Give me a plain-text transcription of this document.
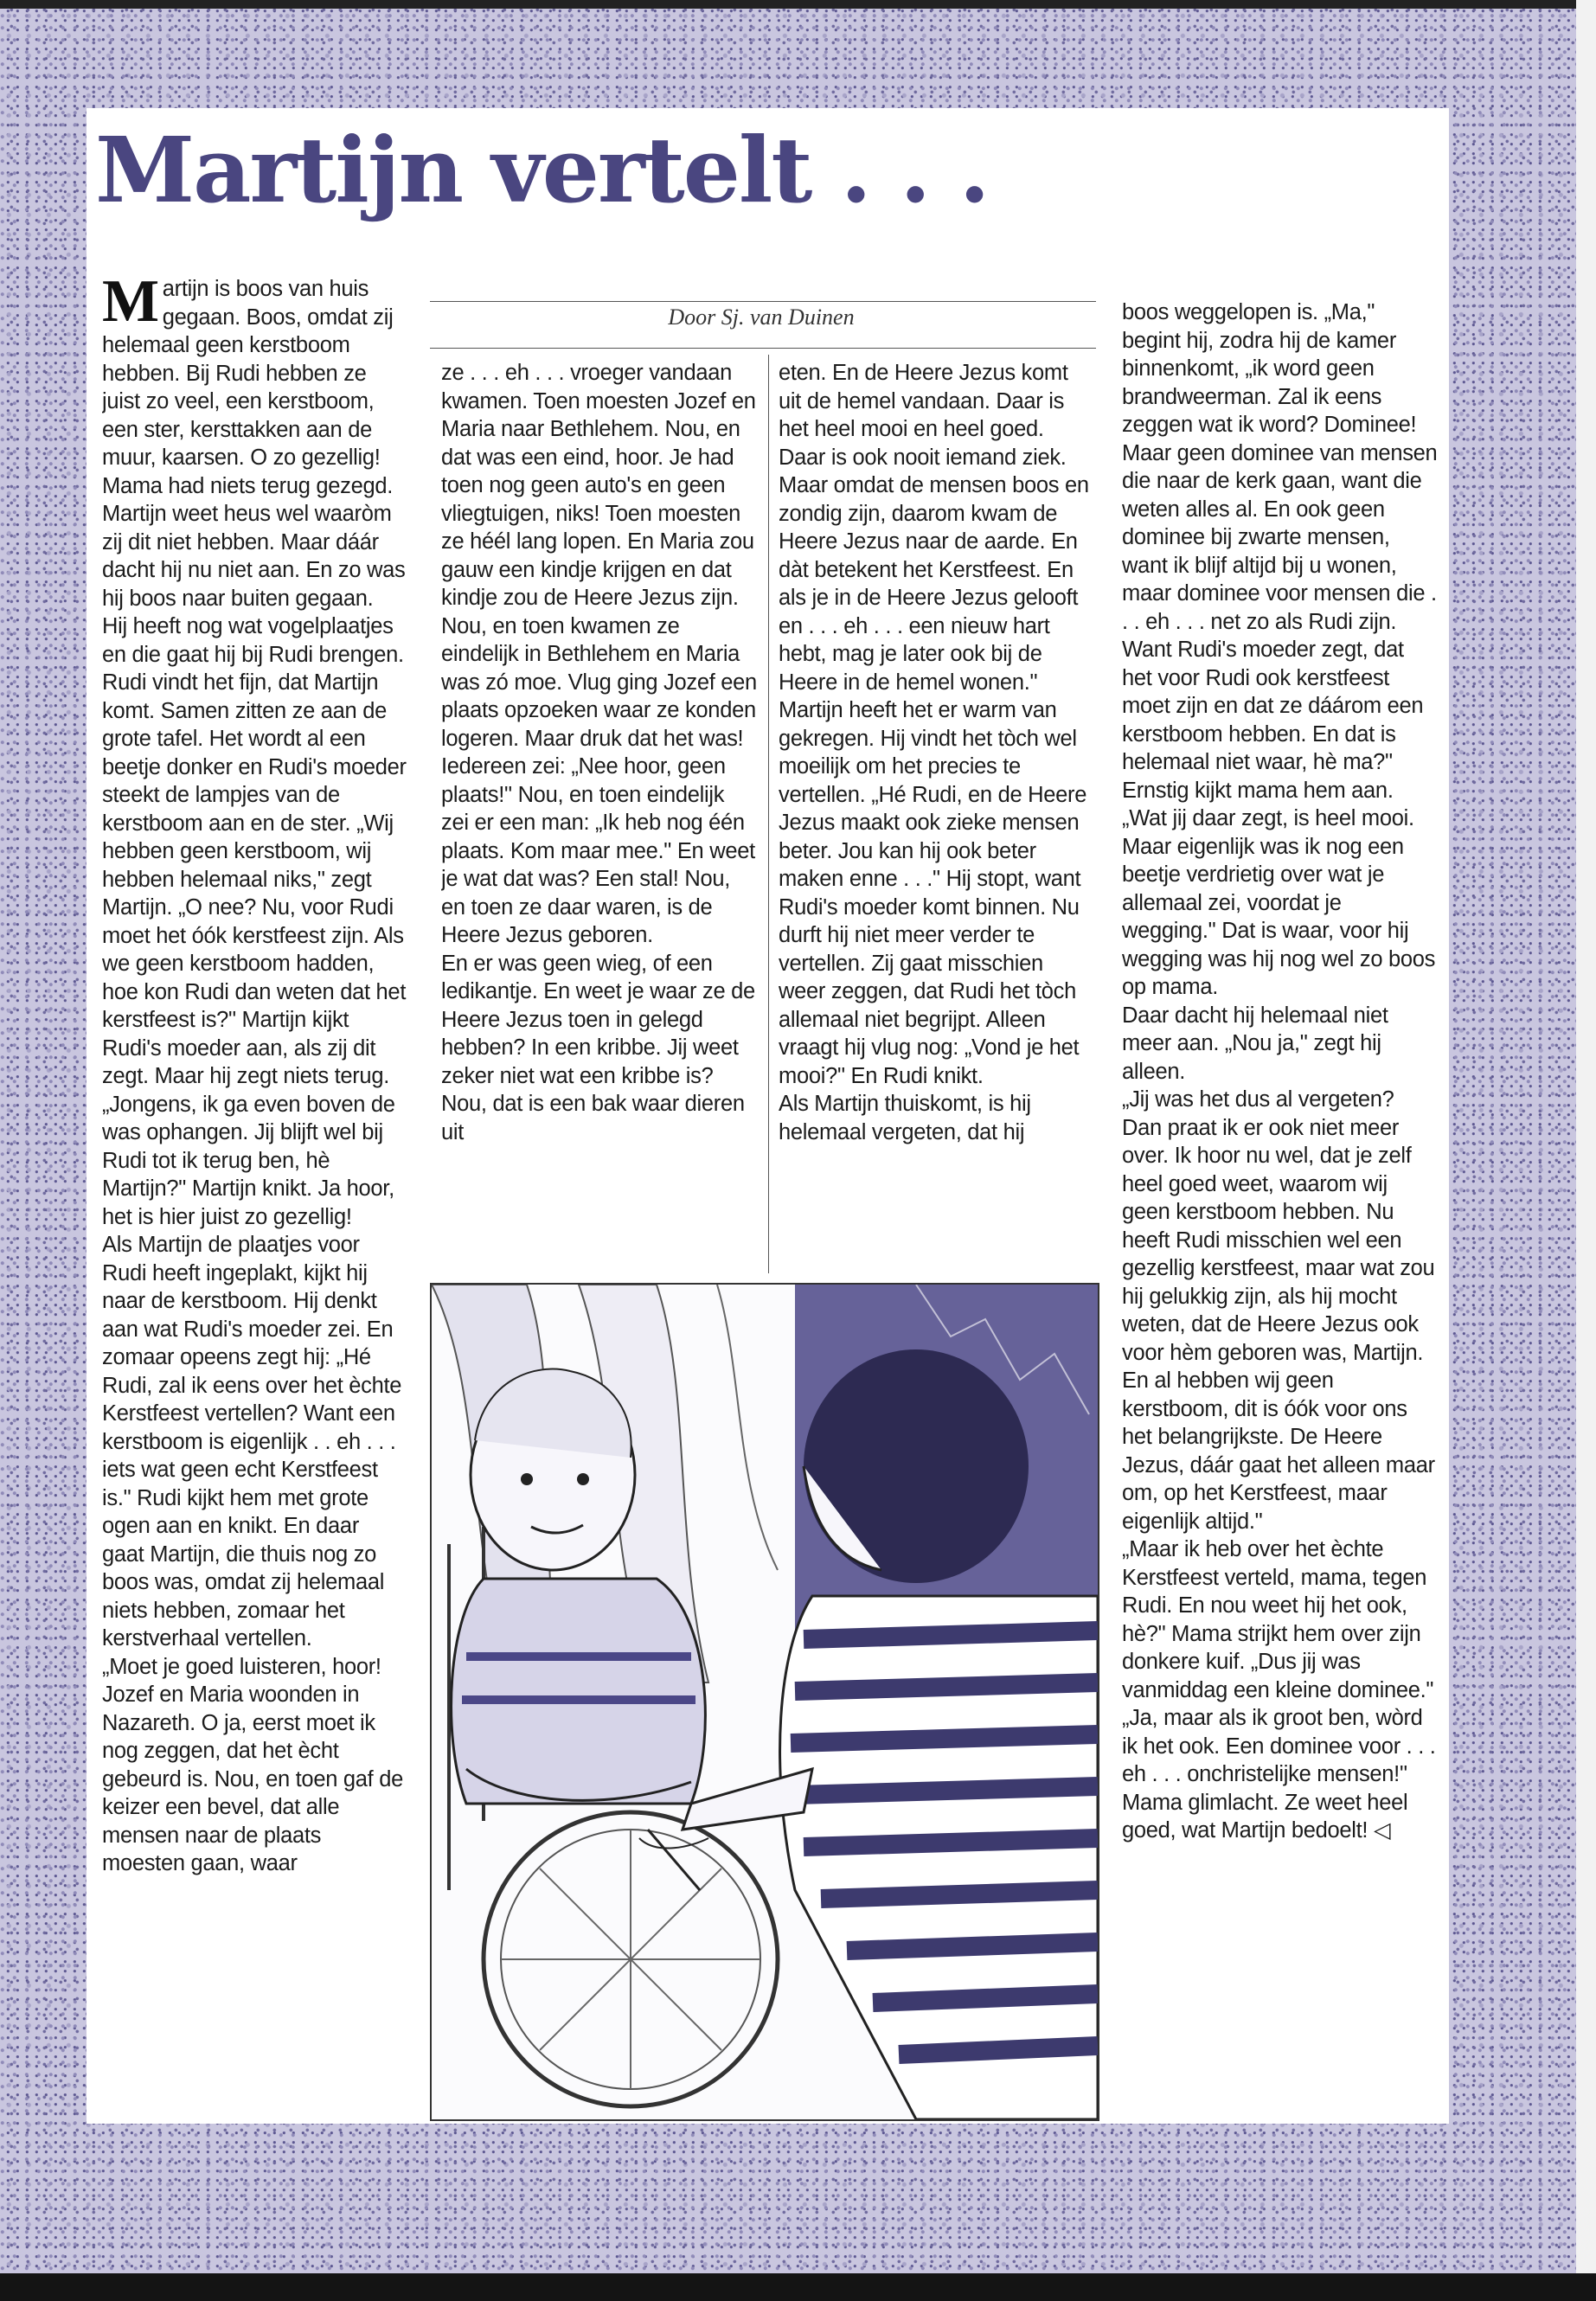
Martijn vertelt . . .
M artijn is boos van huis gegaan. Boos, omdat zij helemaal geen kerstboom hebben. Bij Rudi hebben ze juist zo veel, een kerstboom, een ster, kersttakken aan de muur, kaarsen. O zo gezellig! Mama had niets terug gezegd. Martijn weet heus wel waaròm zij dit niet hebben. Maar dáár dacht hij nu niet aan. En zo was hij boos naar buiten gegaan.

Hij heeft nog wat vogelplaatjes en die gaat hij bij Rudi brengen. Rudi vindt het fijn, dat Martijn komt. Samen zitten ze aan de grote tafel. Het wordt al een beetje donker en Rudi's moeder steekt de lampjes van de kerstboom aan en de ster. „Wij hebben geen kerstboom, wij hebben helemaal niks," zegt Martijn. „O nee? Nu, voor Rudi moet het óók kerstfeest zijn. Als we geen kerstboom hadden, hoe kon Rudi dan weten dat het kerstfeest is?" Martijn kijkt Rudi's moeder aan, als zij dit zegt. Maar hij zegt niets terug. „Jongens, ik ga even boven de was ophangen. Jij blijft wel bij Rudi tot ik terug ben, hè Martijn?" Martijn knikt. Ja hoor, het is hier juist zo gezellig!

Als Martijn de plaatjes voor Rudi heeft ingeplakt, kijkt hij naar de kerstboom. Hij denkt aan wat Rudi's moeder zei. En zomaar opeens zegt hij: „Hé Rudi, zal ik eens over het èchte Kerstfeest vertellen? Want een kerstboom is eigenlijk . . eh . . . iets wat geen echt Kerstfeest is." Rudi kijkt hem met grote ogen aan en knikt. En daar gaat Martijn, die thuis nog zo boos was, omdat zij helemaal niets hebben, zomaar het kerstverhaal vertellen.

„Moet je goed luisteren, hoor! Jozef en Maria woonden in Nazareth. O ja, eerst moet ik nog zeggen, dat het ècht gebeurd is. Nou, en toen gaf de keizer een bevel, dat alle mensen naar de plaats moesten gaan, waar

Door Sj. van Duinen

ze . . . eh . . . vroeger vandaan kwamen. Toen moesten Jozef en Maria naar Bethlehem. Nou, en dat was een eind, hoor. Je had toen nog geen auto's en geen vliegtuigen, niks! Toen moesten ze héél lang lopen. En Maria zou gauw een kindje krijgen en dat kindje zou de Heere Jezus zijn. Nou, en toen kwamen ze eindelijk in Bethlehem en Maria was zó moe. Vlug ging Jozef een plaats opzoeken waar ze konden logeren. Maar druk dat het was! Iedereen zei: „Nee hoor, geen plaats!" Nou, en toen eindelijk zei er een man: „Ik heb nog één plaats. Kom maar mee." En weet je wat dat was? Een stal! Nou, en toen ze daar waren, is de Heere Jezus geboren.

En er was geen wieg, of een ledikantje. En weet je waar ze de Heere Jezus toen in gelegd hebben? In een kribbe. Jij weet zeker niet wat een kribbe is? Nou, dat is een bak waar dieren uit

eten. En de Heere Jezus komt uit de hemel vandaan. Daar is het heel mooi en heel goed. Daar is ook nooit iemand ziek. Maar omdat de mensen boos en zondig zijn, daarom kwam de Heere Jezus naar de aarde. En dàt betekent het Kerstfeest. En als je in de Heere Jezus gelooft en . . . eh . . . een nieuw hart hebt, mag je later ook bij de Heere in de hemel wonen."

Martijn heeft het er warm van gekregen. Hij vindt het tòch wel moeilijk om het precies te vertellen. „Hé Rudi, en de Heere Jezus maakt ook zieke mensen beter. Jou kan hij ook beter maken enne . . ." Hij stopt, want Rudi's moeder komt binnen. Nu durft hij niet meer verder te vertellen. Zij gaat misschien weer zeggen, dat Rudi het tòch allemaal niet begrijpt. Alleen vraagt hij vlug nog: „Vond je het mooi?" En Rudi knikt.

Als Martijn thuiskomt, is hij helemaal vergeten, dat hij

boos weggelopen is. „Ma," begint hij, zodra hij de kamer binnenkomt, „ik word geen brandweerman. Zal ik eens zeggen wat ik word? Dominee! Maar geen dominee van mensen die naar de kerk gaan, want die weten alles al. En ook geen dominee bij zwarte mensen, want ik blijf altijd bij u wonen, maar dominee voor mensen die . . . eh . . . net zo als Rudi zijn. Want Rudi's moeder zegt, dat het voor Rudi ook kerstfeest moet zijn en dat ze dáárom een kerstboom hebben. En dat is helemaal niet waar, hè ma?"

Ernstig kijkt mama hem aan. „Wat jij daar zegt, is heel mooi. Maar eigenlijk was ik nog een beetje verdrietig over wat je allemaal zei, voordat je wegging." Dat is waar, voor hij wegging was hij nog wel zo boos op mama.

Daar dacht hij helemaal niet meer aan. „Nou ja," zegt hij alleen.

„Jij was het dus al vergeten? Dan praat ik er ook niet meer over. Ik hoor nu wel, dat je zelf heel goed weet, waarom wij geen kerstboom hebben. Nu heeft Rudi misschien wel een gezellig kerstfeest, maar wat zou hij gelukkig zijn, als hij mocht weten, dat de Heere Jezus ook voor hèm geboren was, Martijn. En al hebben wij geen kerstboom, dit is óók voor ons het belangrijkste. De Heere Jezus, dáár gaat het alleen maar om, op het Kerstfeest, maar eigenlijk altijd."

„Maar ik heb over het èchte Kerstfeest verteld, mama, tegen Rudi. En nou weet hij het ook, hè?" Mama strijkt hem over zijn donkere kuif. „Dus jij was vanmiddag een kleine dominee." „Ja, maar als ik groot ben, wòrd ik het ook. Een dominee voor . . . eh . . . onchristelijke mensen!"

Mama glimlacht. Ze weet heel goed, wat Martijn bedoelt! ◁
